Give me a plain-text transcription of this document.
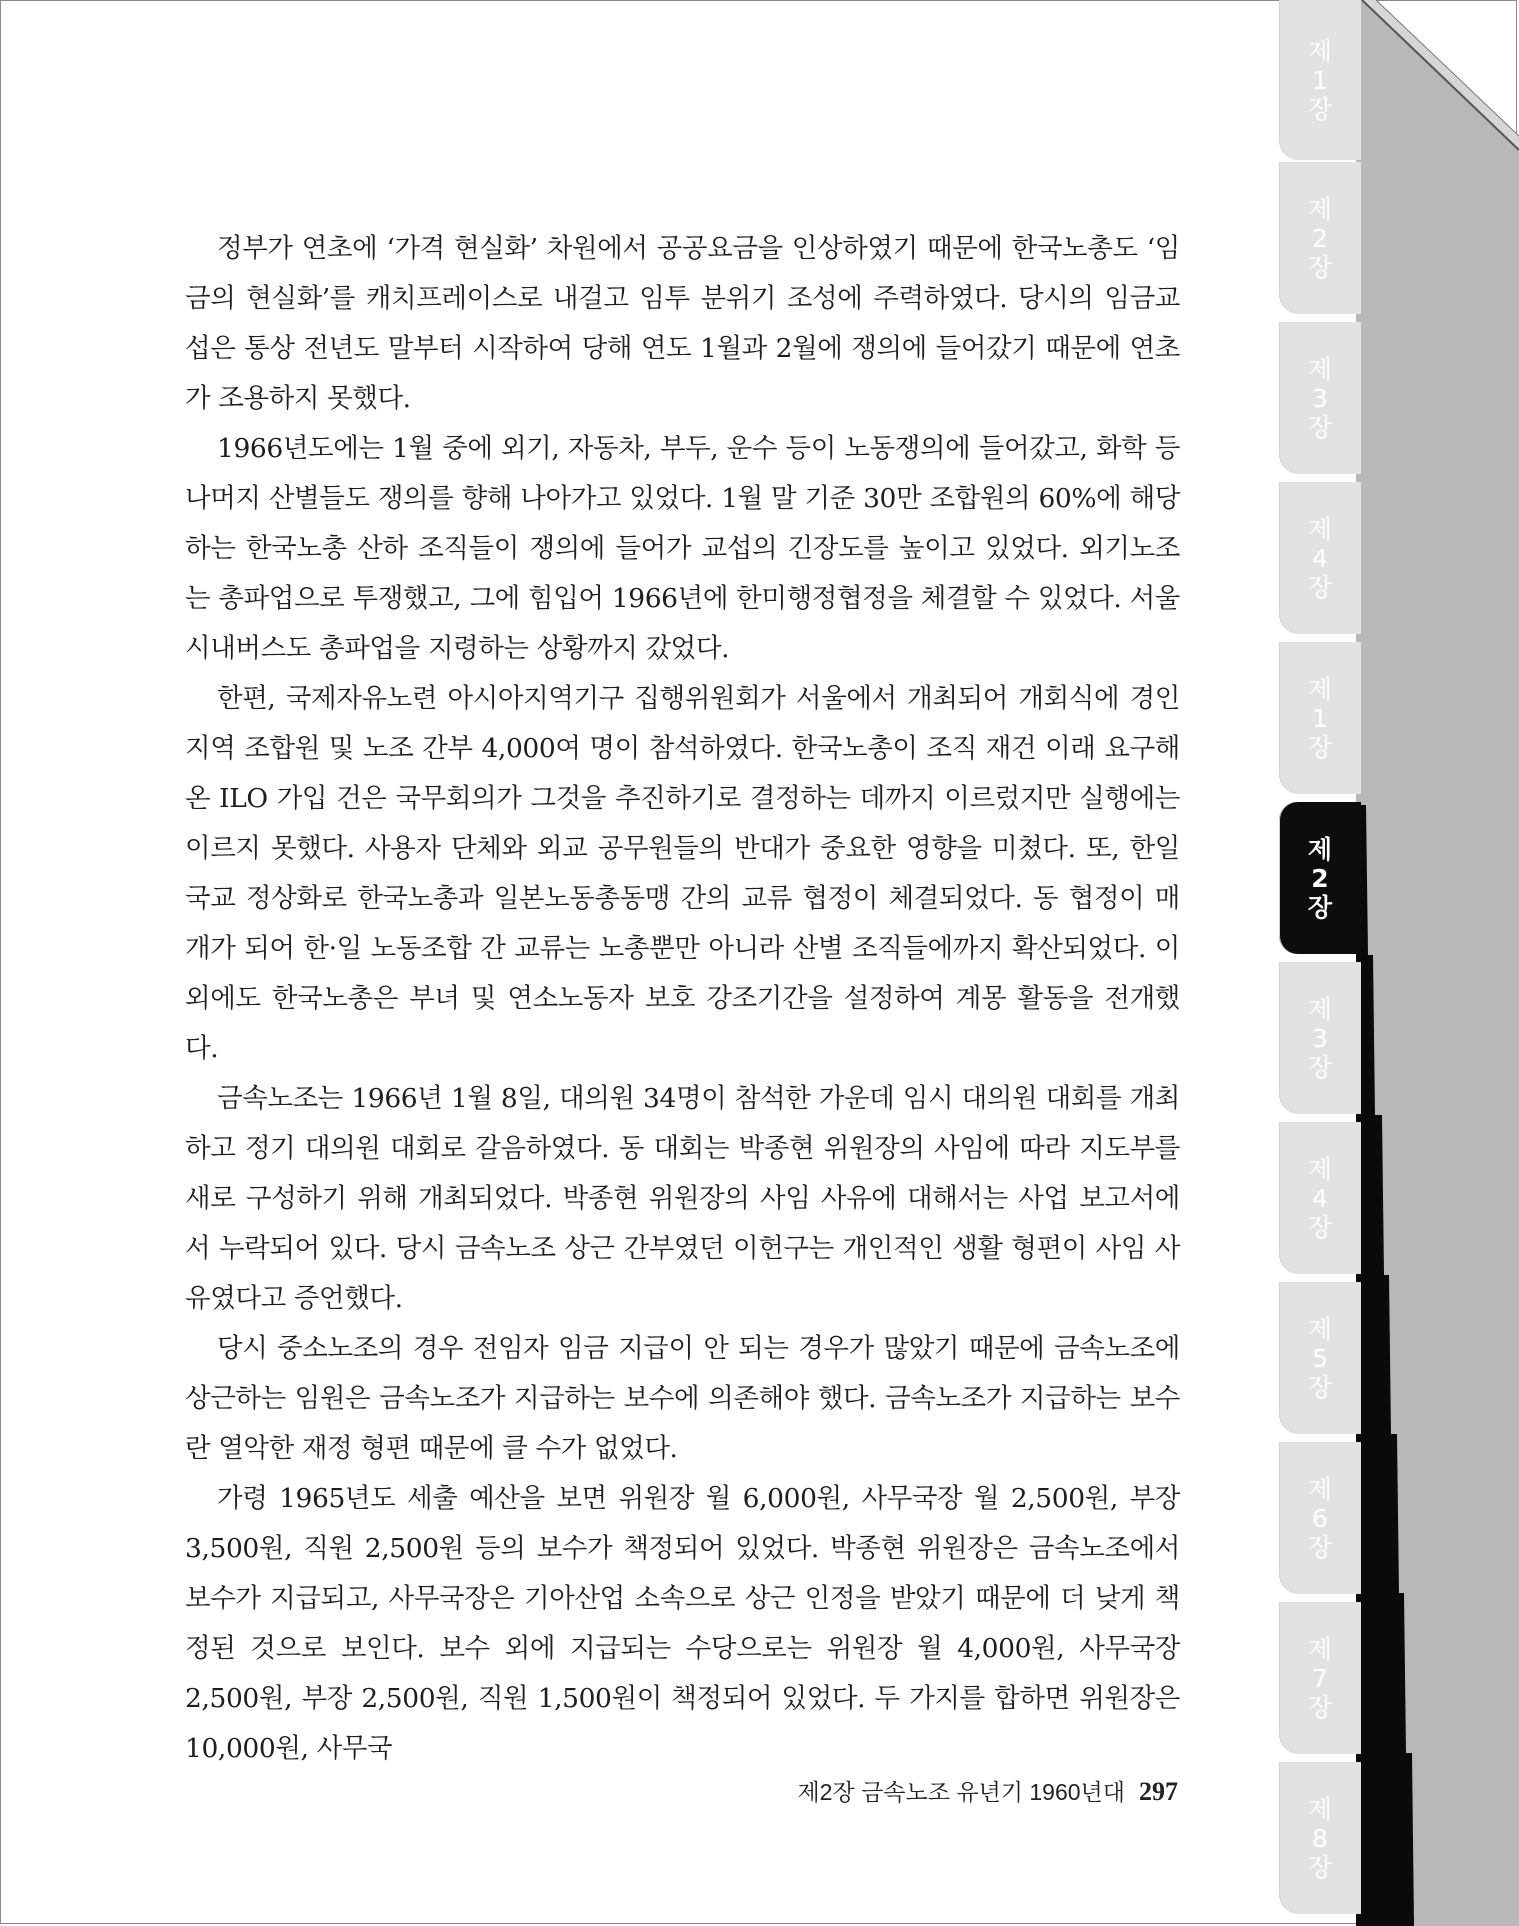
제
1
장
제
2
장
제
3
장
제
4
장
제
1
장
제
2
장
제
3
장
제
4
장
제
5
장
제
6
장
제
7
장
제
8
장

정부가 연초에 ‘가격 현실화’ 차원에서 공공요금을 인상하였기 때문에 한국노총도 ‘임금의 현실화’를 캐치프레이스로 내걸고 임투 분위기 조성에 주력하였다. 당시의 임금교섭은 통상 전년도 말부터 시작하여 당해 연도 1월과 2월에 쟁의에 들어갔기 때문에 연초가 조용하지 못했다.

1966년도에는 1월 중에 외기, 자동차, 부두, 운수 등이 노동쟁의에 들어갔고, 화학 등 나머지 산별들도 쟁의를 향해 나아가고 있었다. 1월 말 기준 30만 조합원의 60%에 해당하는 한국노총 산하 조직들이 쟁의에 들어가 교섭의 긴장도를 높이고 있었다. 외기노조는 총파업으로 투쟁했고, 그에 힘입어 1966년에 한미행정협정을 체결할 수 있었다. 서울 시내버스도 총파업을 지령하는 상황까지 갔었다.

한편, 국제자유노련 아시아지역기구 집행위원회가 서울에서 개최되어 개회식에 경인 지역 조합원 및 노조 간부 4,000여 명이 참석하였다. 한국노총이 조직 재건 이래 요구해 온 ILO 가입 건은 국무회의가 그것을 추진하기로 결정하는 데까지 이르렀지만 실행에는 이르지 못했다. 사용자 단체와 외교 공무원들의 반대가 중요한 영향을 미쳤다. 또, 한일 국교 정상화로 한국노총과 일본노동총동맹 간의 교류 협정이 체결되었다. 동 협정이 매개가 되어 한·일 노동조합 간 교류는 노총뿐만 아니라 산별 조직들에까지 확산되었다. 이 외에도 한국노총은 부녀 및 연소노동자 보호 강조기간을 설정하여 계몽 활동을 전개했다.

금속노조는 1966년 1월 8일, 대의원 34명이 참석한 가운데 임시 대의원 대회를 개최하고 정기 대의원 대회로 갈음하였다. 동 대회는 박종현 위원장의 사임에 따라 지도부를 새로 구성하기 위해 개최되었다. 박종현 위원장의 사임 사유에 대해서는 사업 보고서에서 누락되어 있다. 당시 금속노조 상근 간부였던 이헌구는 개인적인 생활 형편이 사임 사유였다고 증언했다.

당시 중소노조의 경우 전임자 임금 지급이 안 되는 경우가 많았기 때문에 금속노조에 상근하는 임원은 금속노조가 지급하는 보수에 의존해야 했다. 금속노조가 지급하는 보수란 열악한 재정 형편 때문에 클 수가 없었다.

가령 1965년도 세출 예산을 보면 위원장 월 6,000원, 사무국장 월 2,500원, 부장 3,500원, 직원 2,500원 등의 보수가 책정되어 있었다. 박종현 위원장은 금속노조에서 보수가 지급되고, 사무국장은 기아산업 소속으로 상근 인정을 받았기 때문에 더 낮게 책정된 것으로 보인다. 보수 외에 지급되는 수당으로는 위원장 월 4,000원, 사무국장 2,500원, 부장 2,500원, 직원 1,500원이 책정되어 있었다. 두 가지를 합하면 위원장은 10,000원, 사무국

제2장 금속노조 유년기 1960년대 297
